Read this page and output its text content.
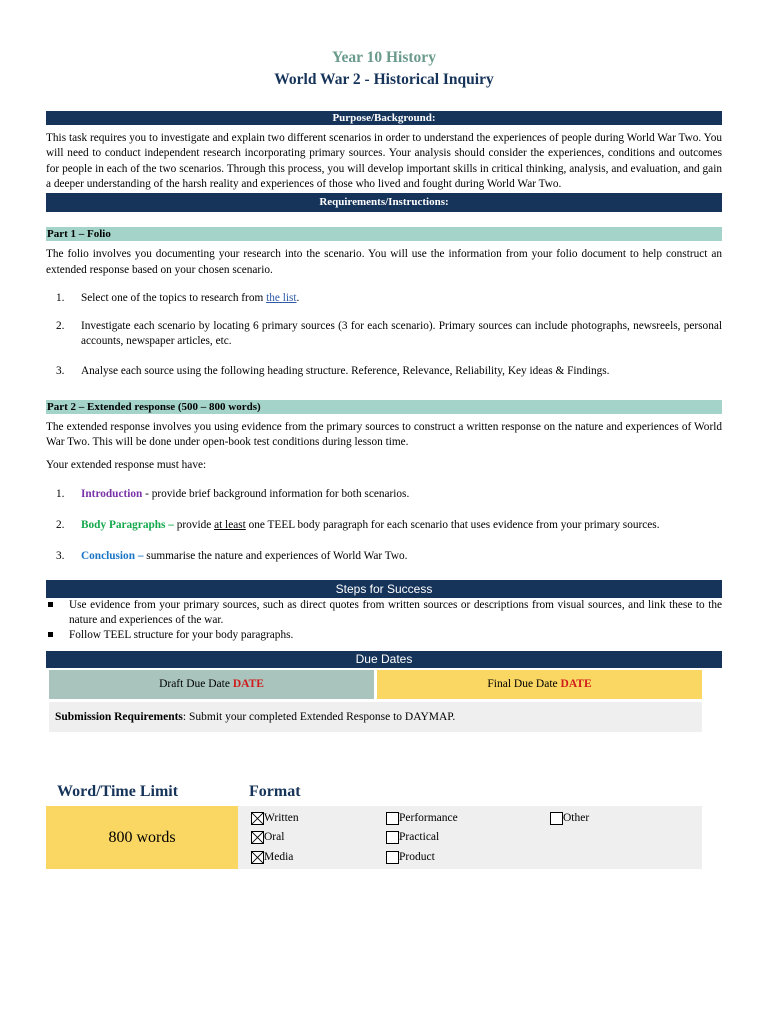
Year 10 History
World War 2 - Historical Inquiry
Purpose/Background:

This task requires you to investigate and explain two different scenarios in order to understand the experiences of people during World War Two. You will need to conduct independent research incorporating primary sources. Your analysis should consider the experiences, conditions and outcomes for people in each of the two scenarios. Through this process, you will develop important skills in critical thinking, analysis, and evaluation, and gain a deeper understanding of the harsh reality and experiences of those who lived and fought during World War Two.

Requirements/Instructions:
Part 1 – Folio

The folio involves you documenting your research into the scenario. You will use the information from your folio document to help construct an extended response based on your chosen scenario.

1. Select one of the topics to research from the list.
2. Investigate each scenario by locating 6 primary sources (3 for each scenario). Primary sources can include photographs, newsreels, personal accounts, newspaper articles, etc.
3. Analyse each source using the following heading structure. Reference, Relevance, Reliability, Key ideas & Findings.
Part 2 – Extended response (500 – 800 words)

The extended response involves you using evidence from the primary sources to construct a written response on the nature and experiences of World War Two. This will be done under open-book test conditions during lesson time.

Your extended response must have:

1. Introduction - provide brief background information for both scenarios.
2. Body Paragraphs – provide at least one TEEL body paragraph for each scenario that uses evidence from your primary sources.
3. Conclusion – summarise the nature and experiences of World War Two.
Steps for Success
Use evidence from your primary sources, such as direct quotes from written sources or descriptions from visual sources, and link these to the nature and experiences of the war.
Follow TEEL structure for your body paragraphs.
Due Dates
Draft Due Date DATE	Final Due Date DATE
Submission Requirements: Submit your completed Extended Response to DAYMAP.
Word/Time Limit	Format
800 words
Written
Oral
Media
Performance
Practical
Product
Other
